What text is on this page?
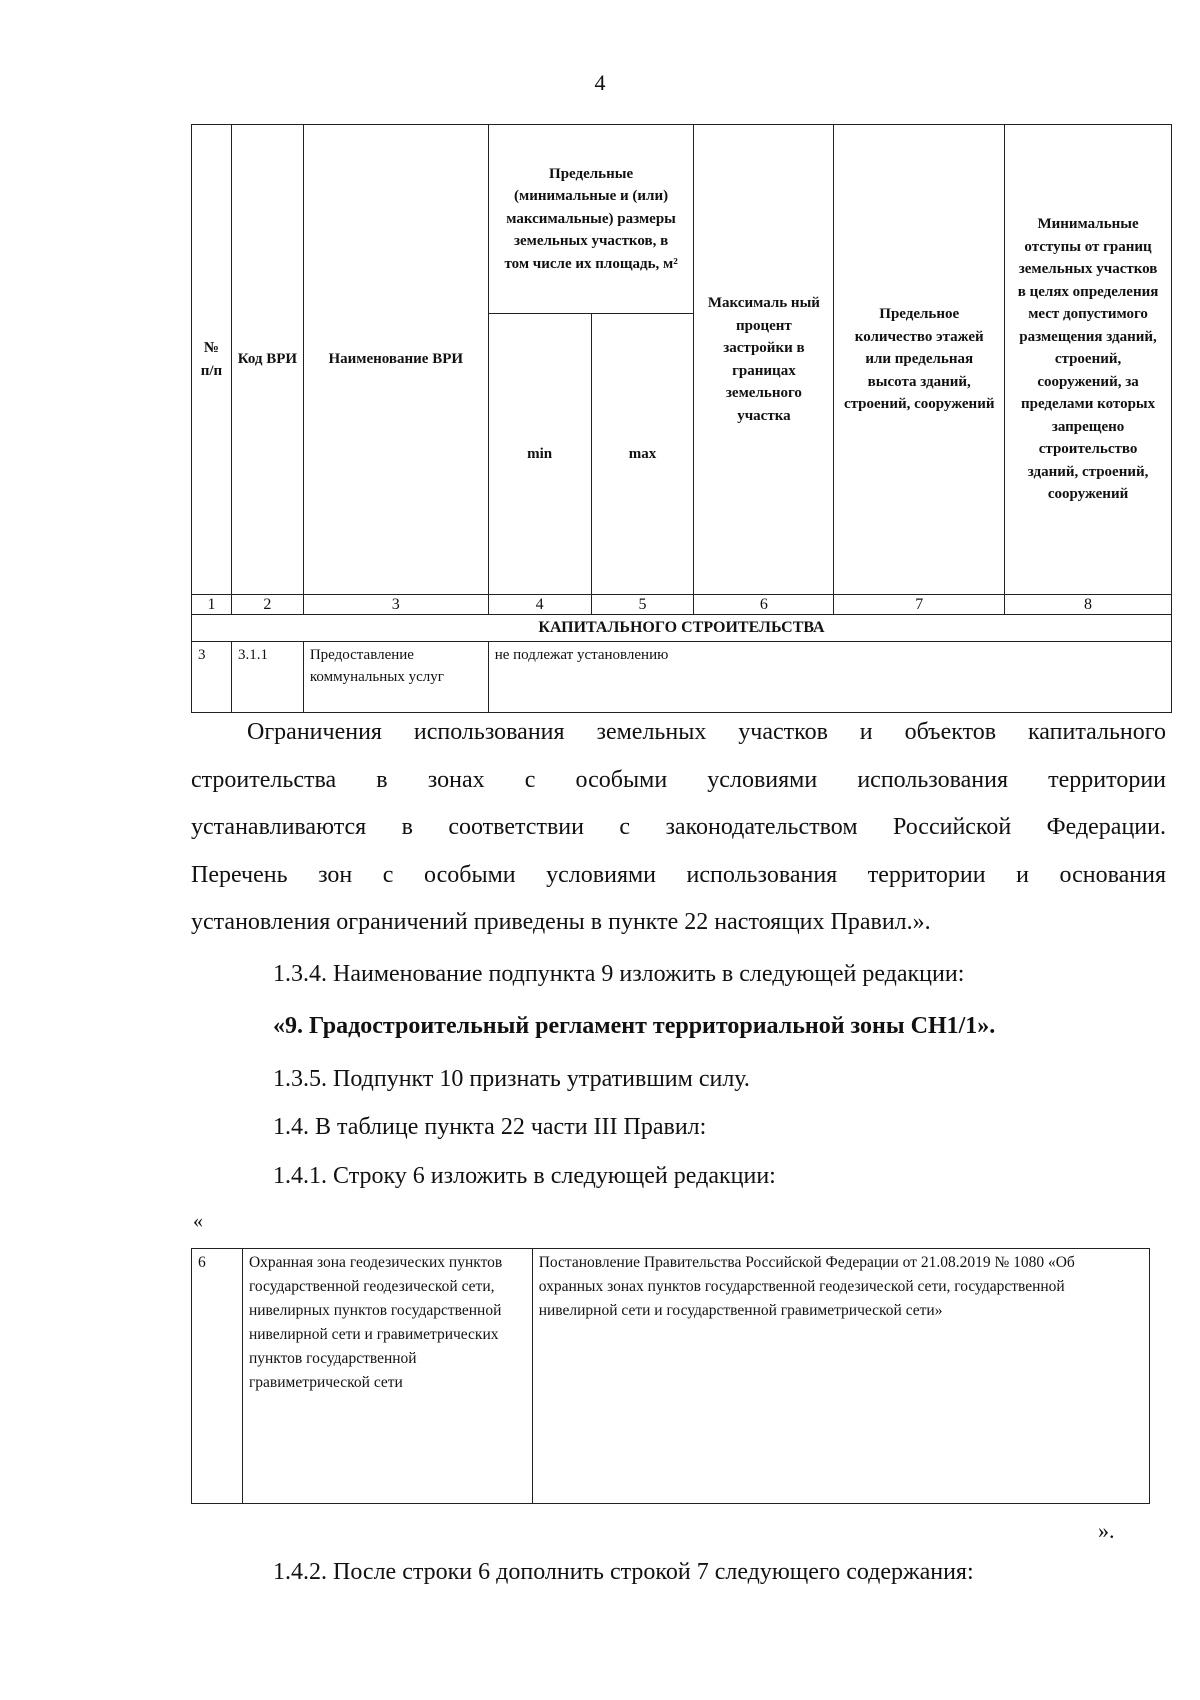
4
№ п/п	Код ВРИ	Наименование ВРИ	Предельные (минимальные и (или) максимальные) размеры земельных участков, в том числе их площадь, м²		Максималь ный процент застройки в границах земельного участка	Предельное количество этажей или предельная высота зданий, строений, сооружений	Минимальные отступы от границ земельных участков в целях определения мест допустимого размещения зданий, строений, сооружений, за пределами которых запрещено строительство зданий, строений, сооружений
			min	max			
1	2	3	4	5	6	7	8
КАПИТАЛЬНОГО СТРОИТЕЛЬСТВА							
3	3.1.1	Предоставление коммунальных услуг	не подлежат установлению				
Ограничения использования земельных участков и объектов капитального
строительства в зонах с особыми условиями использования территории
устанавливаются в соответствии с законодательством Российской Федерации.
Перечень зон с особыми условиями использования территории и основания
установления ограничений приведены в пункте 22 настоящих Правил.».
1.3.4. Наименование подпункта 9 изложить в следующей редакции:
«9. Градостроительный регламент территориальной зоны СН1/1».
1.3.5. Подпункт 10 признать утратившим силу.
1.4. В таблице пункта 22 части III Правил:
1.4.1. Строку 6 изложить в следующей редакции:
«
6	Охранная зона геодезических пунктов государственной геодезической сети, нивелирных пунктов государственной нивелирной сети и гравиметрических пунктов государственной гравиметрической сети	Постановление Правительства Российской Федерации от 21.08.2019 № 1080 «Об охранных зонах пунктов государственной геодезической сети, государственной нивелирной сети и государственной гравиметрической сети»
».
1.4.2. После строки 6 дополнить строкой 7 следующего содержания:
